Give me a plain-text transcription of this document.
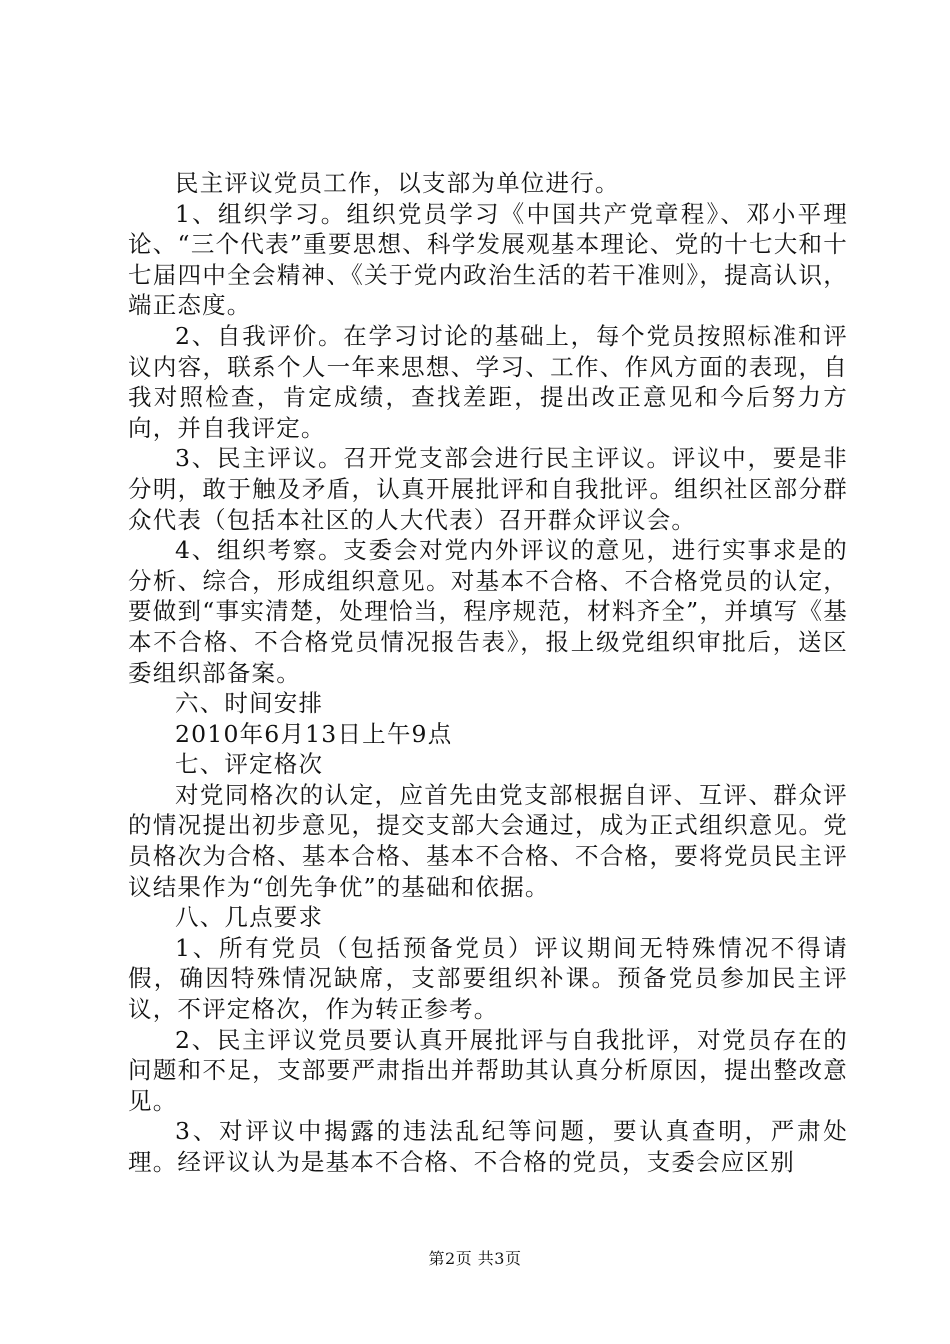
民主评议党员工作，以支部为单位进行。

1、组织学习。组织党员学习《中国共产党章程》、邓小平理论、“三个代表”重要思想、科学发展观基本理论、党的十七大和十七届四中全会精神、《关于党内政治生活的若干准则》，提高认识，端正态度。

2、自我评价。在学习讨论的基础上，每个党员按照标准和评议内容，联系个人一年来思想、学习、工作、作风方面的表现，自我对照检查，肯定成绩，查找差距，提出改正意见和今后努力方向，并自我评定。

3、民主评议。召开党支部会进行民主评议。评议中，要是非分明，敢于触及矛盾，认真开展批评和自我批评。组织社区部分群众代表（包括本社区的人大代表）召开群众评议会。

4、组织考察。支委会对党内外评议的意见，进行实事求是的分析、综合，形成组织意见。对基本不合格、不合格党员的认定，要做到“事实清楚，处理恰当，程序规范，材料齐全”，并填写《基本不合格、不合格党员情况报告表》，报上级党组织审批后，送区委组织部备案。

六、时间安排

2010年6月13日上午9点

七、评定格次

对党同格次的认定，应首先由党支部根据自评、互评、群众评的情况提出初步意见，提交支部大会通过，成为正式组织意见。党员格次为合格、基本合格、基本不合格、不合格，要将党员民主评议结果作为“创先争优”的基础和依据。

八、几点要求

1、所有党员（包括预备党员）评议期间无特殊情况不得请假，确因特殊情况缺席，支部要组织补课。预备党员参加民主评议，不评定格次，作为转正参考。

2、民主评议党员要认真开展批评与自我批评，对党员存在的问题和不足，支部要严肃指出并帮助其认真分析原因，提出整改意见。

3、对评议中揭露的违法乱纪等问题，要认真查明，严肃处理。经评议认为是基本不合格、不合格的党员，支委会应区别

第2页 共3页
